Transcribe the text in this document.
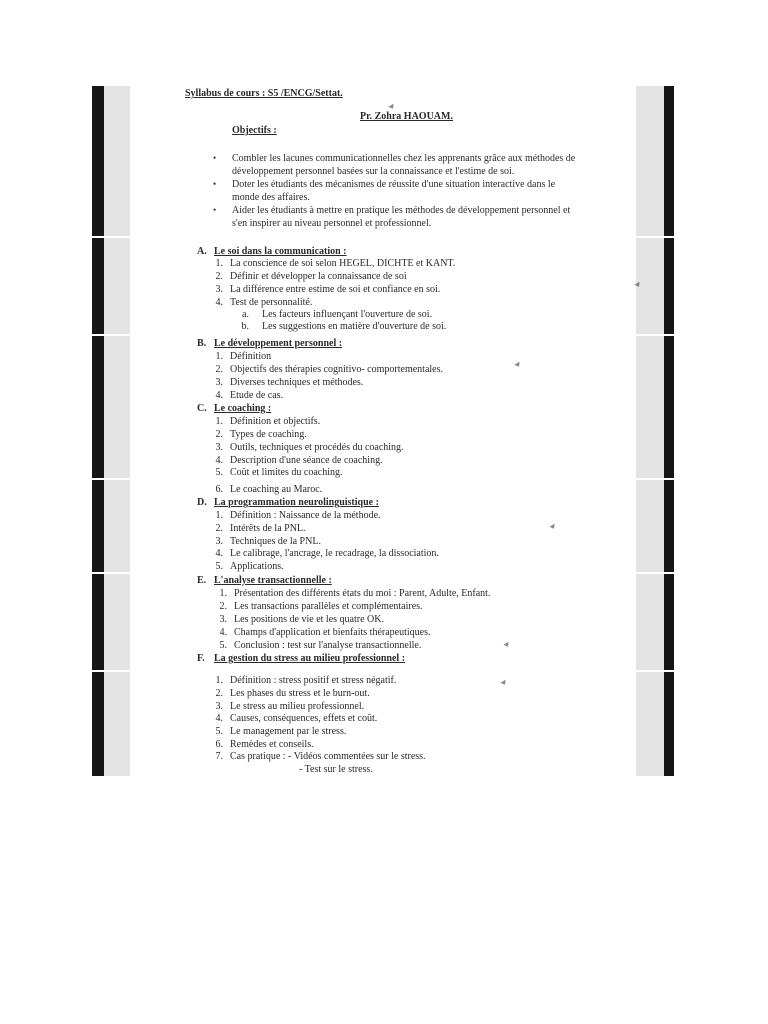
Syllabus de cours : S5 /ENCG/Settat.
Pr. Zohra HAOUAM.
Objectifs :
• Combler les lacunes communicationnelles chez les apprenants grâce aux méthodes de développement personnel basées sur la connaissance et l'estime de soi.
• Doter les étudiants des mécanismes de réussite d'une situation interactive dans le monde des affaires.
• Aider les étudiants à mettre en pratique les méthodes de développement personnel et s'en inspirer au niveau personnel et professionnel.
A. Le soi dans la communication :
1. La conscience de soi selon HEGEL, DICHTE et KANT.
2. Définir et développer la connaissance de soi
3. La différence entre estime de soi et confiance en soi.
4. Test de personnalité.
a. Les facteurs influençant l'ouverture de soi.
b. Les suggestions en matière d'ouverture de soi.
B. Le développement personnel :
1. Définition
2. Objectifs des thérapies cognitivo- comportementales.
3. Diverses techniques et méthodes.
4. Etude de cas.
C. Le coaching :
1. Définition et objectifs.
2. Types de coaching.
3. Outils, techniques et procédés du coaching.
4. Description d'une séance de coaching.
5. Coût et limites du coaching.
6. Le coaching au Maroc.
D. La programmation neurolinguistique :
1. Définition : Naissance de la méthode.
2. Intérêts de la PNL.
3. Techniques de la PNL.
4. Le calibrage, l'ancrage, le recadrage, la dissociation.
5. Applications.
E. L'analyse transactionnelle :
1. Présentation des différents états du moi : Parent, Adulte, Enfant.
2. Les transactions parallèles et complémentaires.
3. Les positions de vie et les quatre OK.
4. Champs d'application et bienfaits thérapeutiques.
5. Conclusion : test sur l'analyse transactionnelle.
F. La gestion du stress au milieu professionnel :
1. Définition : stress positif et stress négatif.
2. Les phases du stress et le burn-out.
3. Le stress au milieu professionnel.
4. Causes, conséquences, effets et coût.
5. Le management par le stress.
6. Remèdes et conseils.
7. Cas pratique : - Vidéos commentées sur le stress.
- Test sur le stress.
